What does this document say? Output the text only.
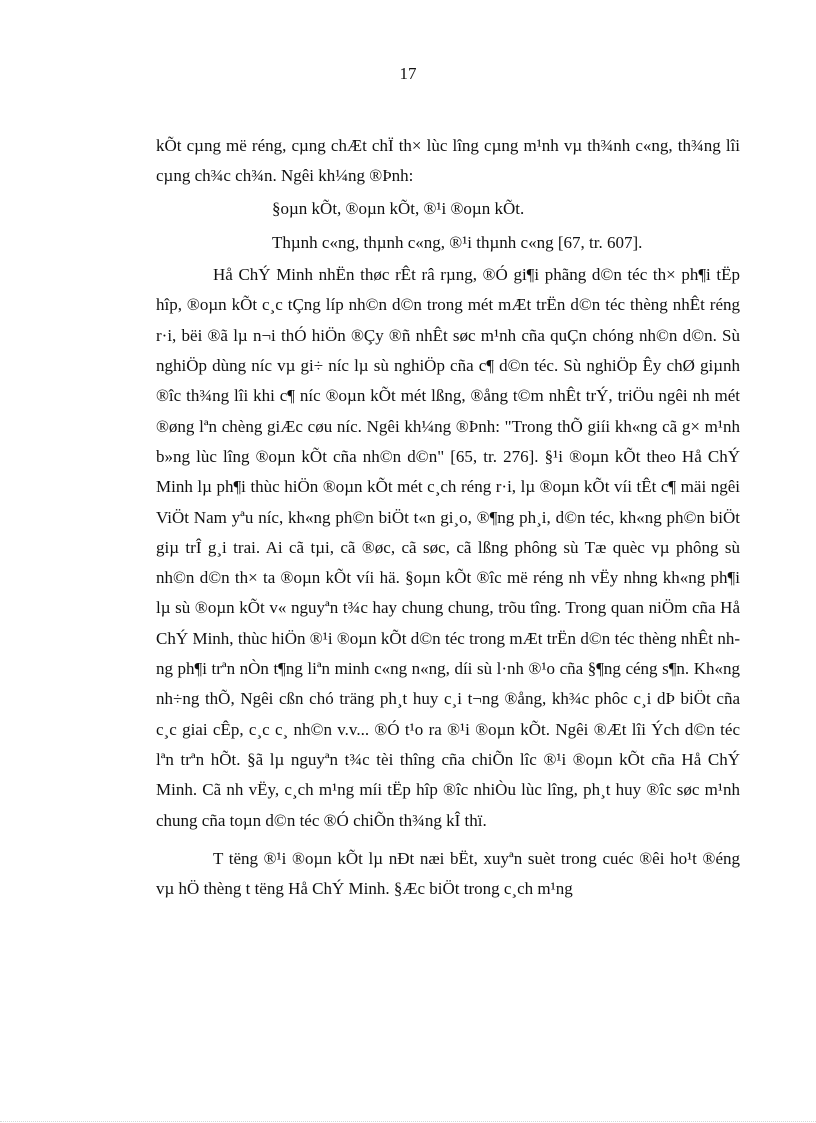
17

kÕt cµng më réng, cµng chÆt chÏ th× lùc lîng cµng m¹nh vµ th¾nh c«ng, th¾ng lîi cµng ch¾c ch¾n. Ngêi kh¼ng ®Þnh:

§oµn kÕt, ®oµn kÕt, ®¹i ®oµn kÕt.

Thµnh c«ng, thµnh c«ng, ®¹i thµnh c«ng [67, tr. 607].

Hå ChÝ Minh nhËn thøc rÊt râ rµng, ®Ó gi¶i phãng d©n téc th× ph¶i tËp hîp, ®oµn kÕt c¸c tÇng líp nh©n d©n trong mét mÆt trËn d©n téc thèng nhÊt réng r·i, bëi ®ã lµ n¬i thÓ hiÖn ®Çy ®ñ nhÊt søc m¹nh cña quÇn chóng nh©n d©n. Sù nghiÖp dùng níc vµ gi÷ níc lµ sù nghiÖp cña c¶ d©n téc. Sù nghiÖp Êy chØ giµnh ®îc th¾ng lîi khi c¶ níc ®oµn kÕt mét lßng, ®ång t©m nhÊt trÝ, triÖu ngêi nh mét ®øng lªn chèng giÆc cøu níc. Ngêi kh¼ng ®Þnh: "Trong thÕ giíi kh«ng cã g× m¹nh b»ng lùc lîng ®oµn kÕt cña nh©n d©n" [65, tr. 276]. §¹i ®oµn kÕt theo Hå ChÝ Minh lµ ph¶i thùc hiÖn ®oµn kÕt mét c¸ch réng r·i, lµ ®oµn kÕt víi tÊt c¶ mäi ngêi ViÖt Nam yªu níc, kh«ng ph©n biÖt t«n gi¸o, ®¶ng ph¸i, d©n téc, kh«ng ph©n biÖt giµ trÎ g¸i trai. Ai cã tµi, cã ®øc, cã søc, cã lßng phông sù Tæ quèc vµ phông sù nh©n d©n th× ta ®oµn kÕt víi hä. §oµn kÕt ®îc më réng nh vËy nhng kh«ng ph¶i lµ sù ®oµn kÕt v« nguyªn t¾c hay chung chung, trõu tîng. Trong quan niÖm cña Hå ChÝ Minh, thùc hiÖn ®¹i ®oµn kÕt d©n téc trong mÆt trËn d©n téc thèng nhÊt nhng ph¶i trªn nÒn t¶ng liªn minh c«ng n«ng, díi sù l·nh ®¹o cña §¶ng céng s¶n. Kh«ng nh÷ng thÕ, Ngêi cßn chó träng ph¸t huy c¸i t¬ng ®ång, kh¾c phôc c¸i dÞ biÖt cña c¸c giai cÊp, c¸c c¸ nh©n v.v... ®Ó t¹o ra ®¹i ®oµn kÕt. Ngêi ®Æt lîi Ých d©n téc lªn trªn hÕt. §ã lµ nguyªn t¾c tèi thîng cña chiÕn lîc ®¹i ®oµn kÕt cña Hå ChÝ Minh. Cã nh vËy, c¸ch m¹ng míi tËp hîp ®îc nhiÒu lùc lîng, ph¸t huy ®îc søc m¹nh chung cña toµn d©n téc ®Ó chiÕn th¾ng kÎ thï.

T tëng ®¹i ®oµn kÕt lµ nÐt næi bËt, xuyªn suèt trong cuéc ®êi ho¹t ®éng vµ hÖ thèng t tëng Hå ChÝ Minh. §Æc biÖt trong c¸ch m¹ng
